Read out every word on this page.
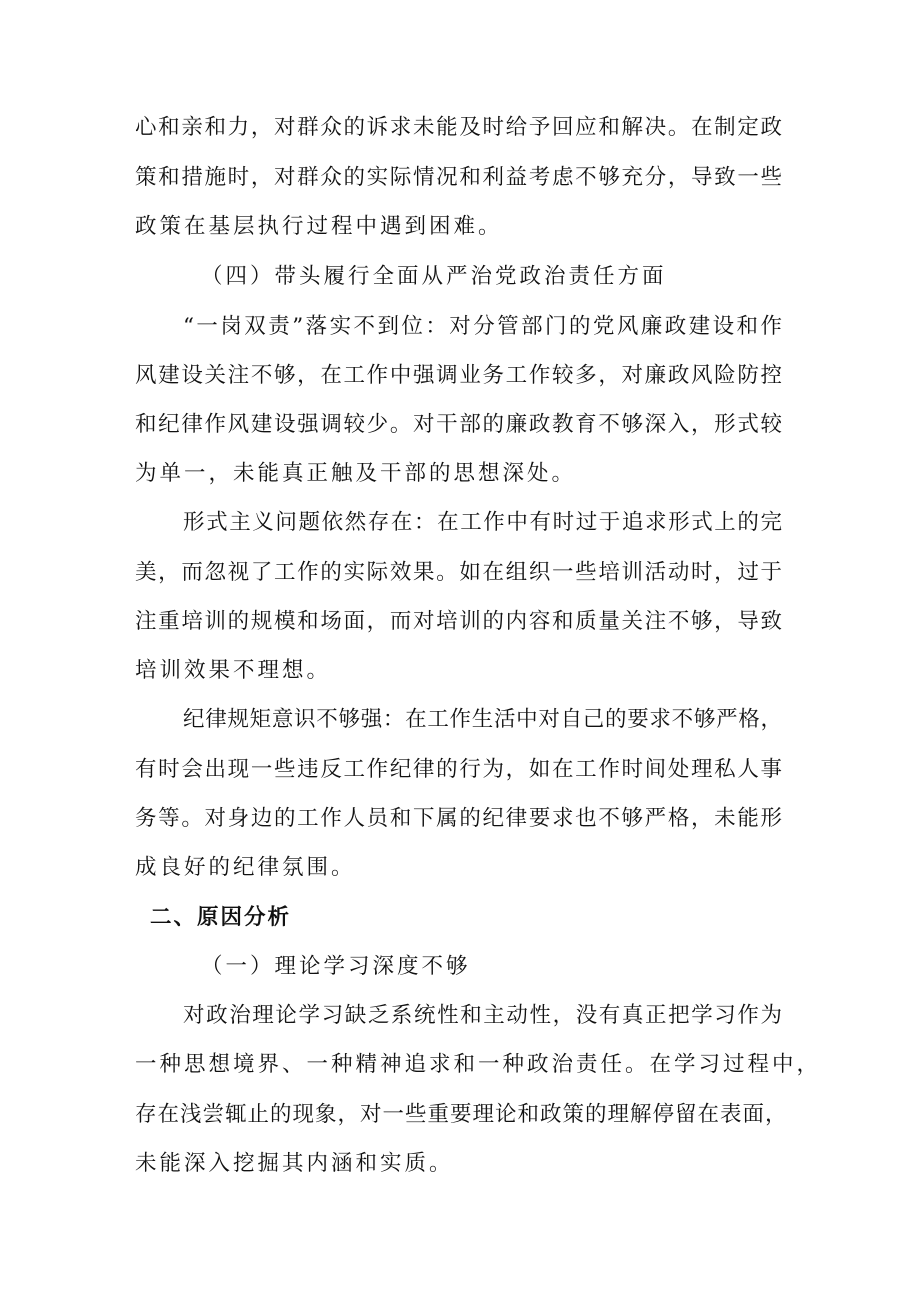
心和亲和力，对群众的诉求未能及时给予回应和解决。在制定政
策和措施时，对群众的实际情况和利益考虑不够充分，导致一些
政策在基层执行过程中遇到困难。
（四）带头履行全面从严治党政治责任方面
“一岗双责”落实不到位：对分管部门的党风廉政建设和作
风建设关注不够，在工作中强调业务工作较多，对廉政风险防控
和纪律作风建设强调较少。对干部的廉政教育不够深入，形式较
为单一，未能真正触及干部的思想深处。
形式主义问题依然存在：在工作中有时过于追求形式上的完
美，而忽视了工作的实际效果。如在组织一些培训活动时，过于
注重培训的规模和场面，而对培训的内容和质量关注不够，导致
培训效果不理想。
纪律规矩意识不够强：在工作生活中对自己的要求不够严格，
有时会出现一些违反工作纪律的行为，如在工作时间处理私人事
务等。对身边的工作人员和下属的纪律要求也不够严格，未能形
成良好的纪律氛围。
二、原因分析
（一）理论学习深度不够
对政治理论学习缺乏系统性和主动性，没有真正把学习作为
一种思想境界、一种精神追求和一种政治责任。在学习过程中，
存在浅尝辄止的现象，对一些重要理论和政策的理解停留在表面，
未能深入挖掘其内涵和实质。
